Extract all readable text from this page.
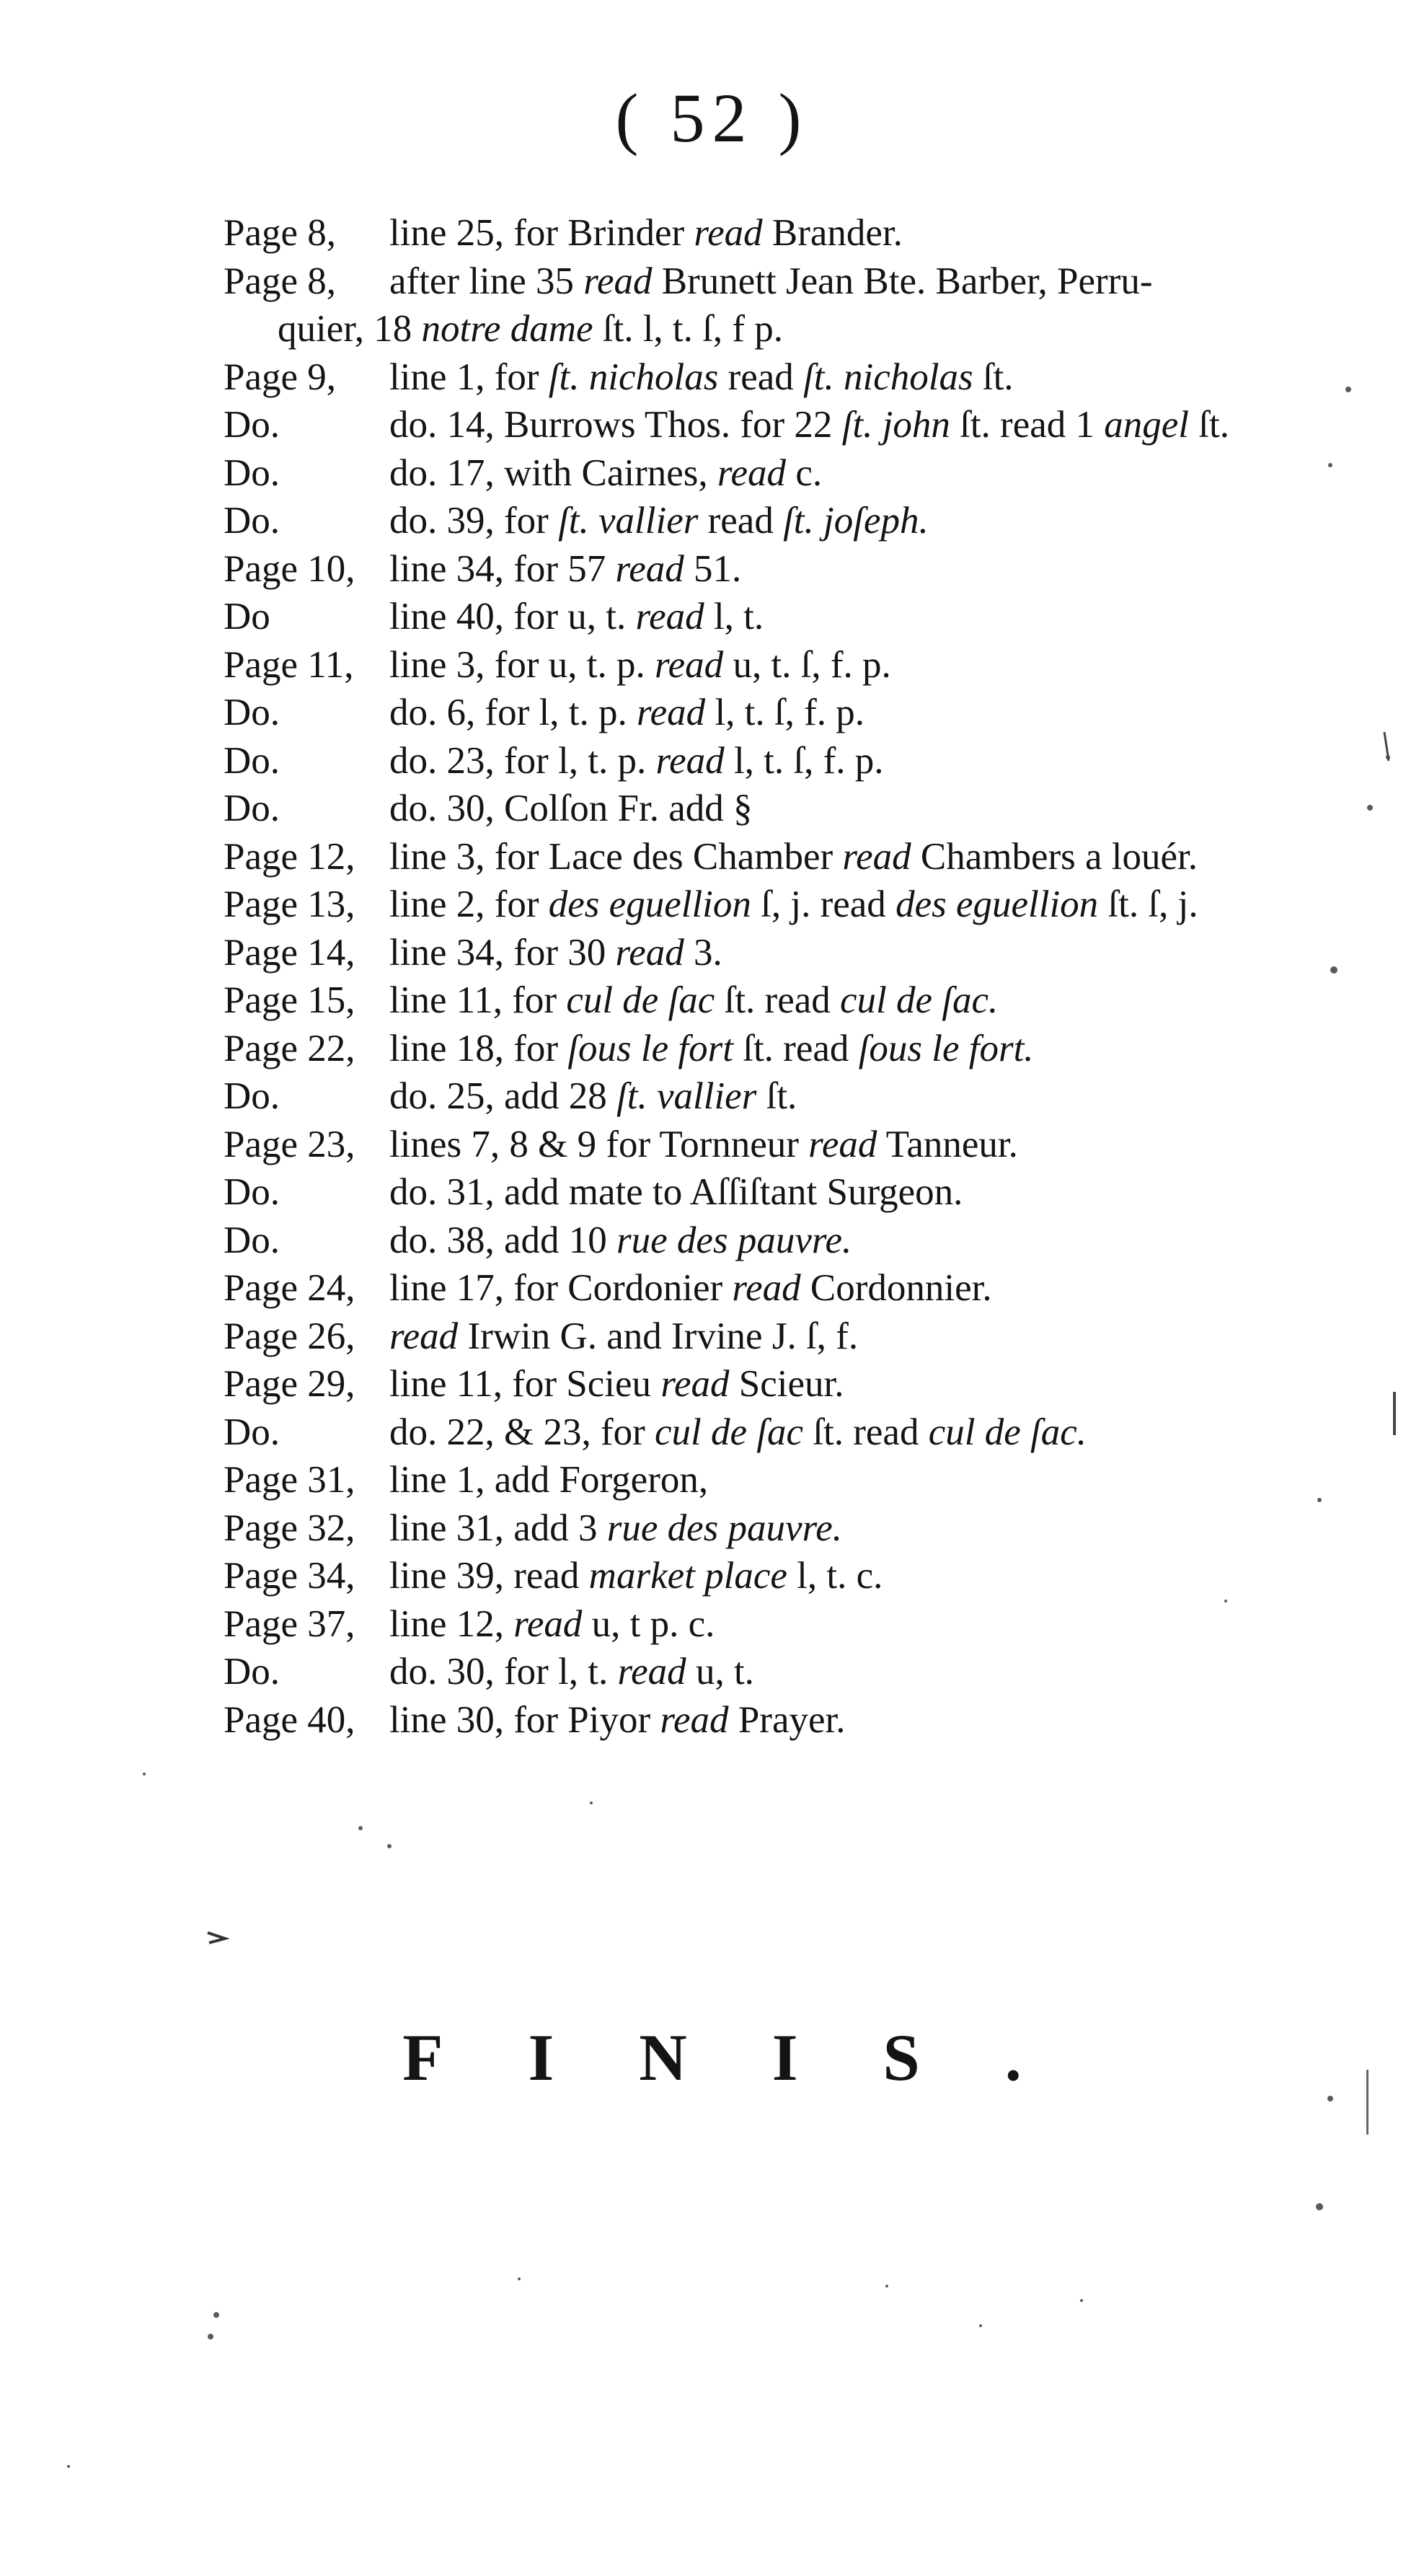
( 52 )
Page 8,	line 25, for Brinder read Brander.
Page 8,	after line 35 read Brunett Jean Bte. Barber, Perru-
quier, 18 notre dame ſt. l, t. ſ, f p.
Page 9,	line 1, for ſt. nicholas read ſt. nicholas ſt.
Do.	do. 14, Burrows Thos. for 22 ſt. john ſt. read 1 angel ſt.
Do.	do. 17, with Cairnes, read c.
Do.	do. 39, for ſt. vallier read ſt. joſeph.
Page 10, line 34, for 57 read 51.
Do	line 40, for u, t. read l, t.
Page 11, line 3, for u, t. p. read u, t. ſ, f. p.
Do.	do. 6, for l, t. p. read l, t. ſ, f. p.
Do.	do. 23, for l, t. p. read l, t. ſ, f. p.
Do.	do. 30, Colſon Fr. add §
Page 12, line 3, for Lace des Chamber read Chambers a louér.
Page 13, line 2, for des eguellion ſ, j. read des eguellion ſt. ſ, j.
Page 14, line 34, for 30 read 3.
Page 15, line 11, for cul de ſac ſt. read cul de ſac.
Page 22, line 18, for ſous le fort ſt. read ſous le fort.
Do.	do. 25, add 28 ſt. vallier ſt.
Page 23, lines 7, 8 & 9 for Tornneur read Tanneur.
Do.	do. 31, add mate to Aſſiſtant Surgeon.
Do.	do. 38, add 10 rue des pauvre.
Page 24, line 17, for Cordonier read Cordonnier.
Page 26, read Irwin G. and Irvine J. ſ, f.
Page 29, line 11, for Scieu read Scieur.
Do.	do. 22, & 23, for cul de ſac ſt. read cul de ſac.
Page 31, line 1, add Forgeron,
Page 32, line 31, add 3 rue des pauvre.
Page 34, line 39, read market place l, t. c.
Page 37, line 12, read u, t p. c.
Do.	do. 30, for l, t. read u, t.
Page 40, line 30, for Piyor read Prayer.
FINIS.
